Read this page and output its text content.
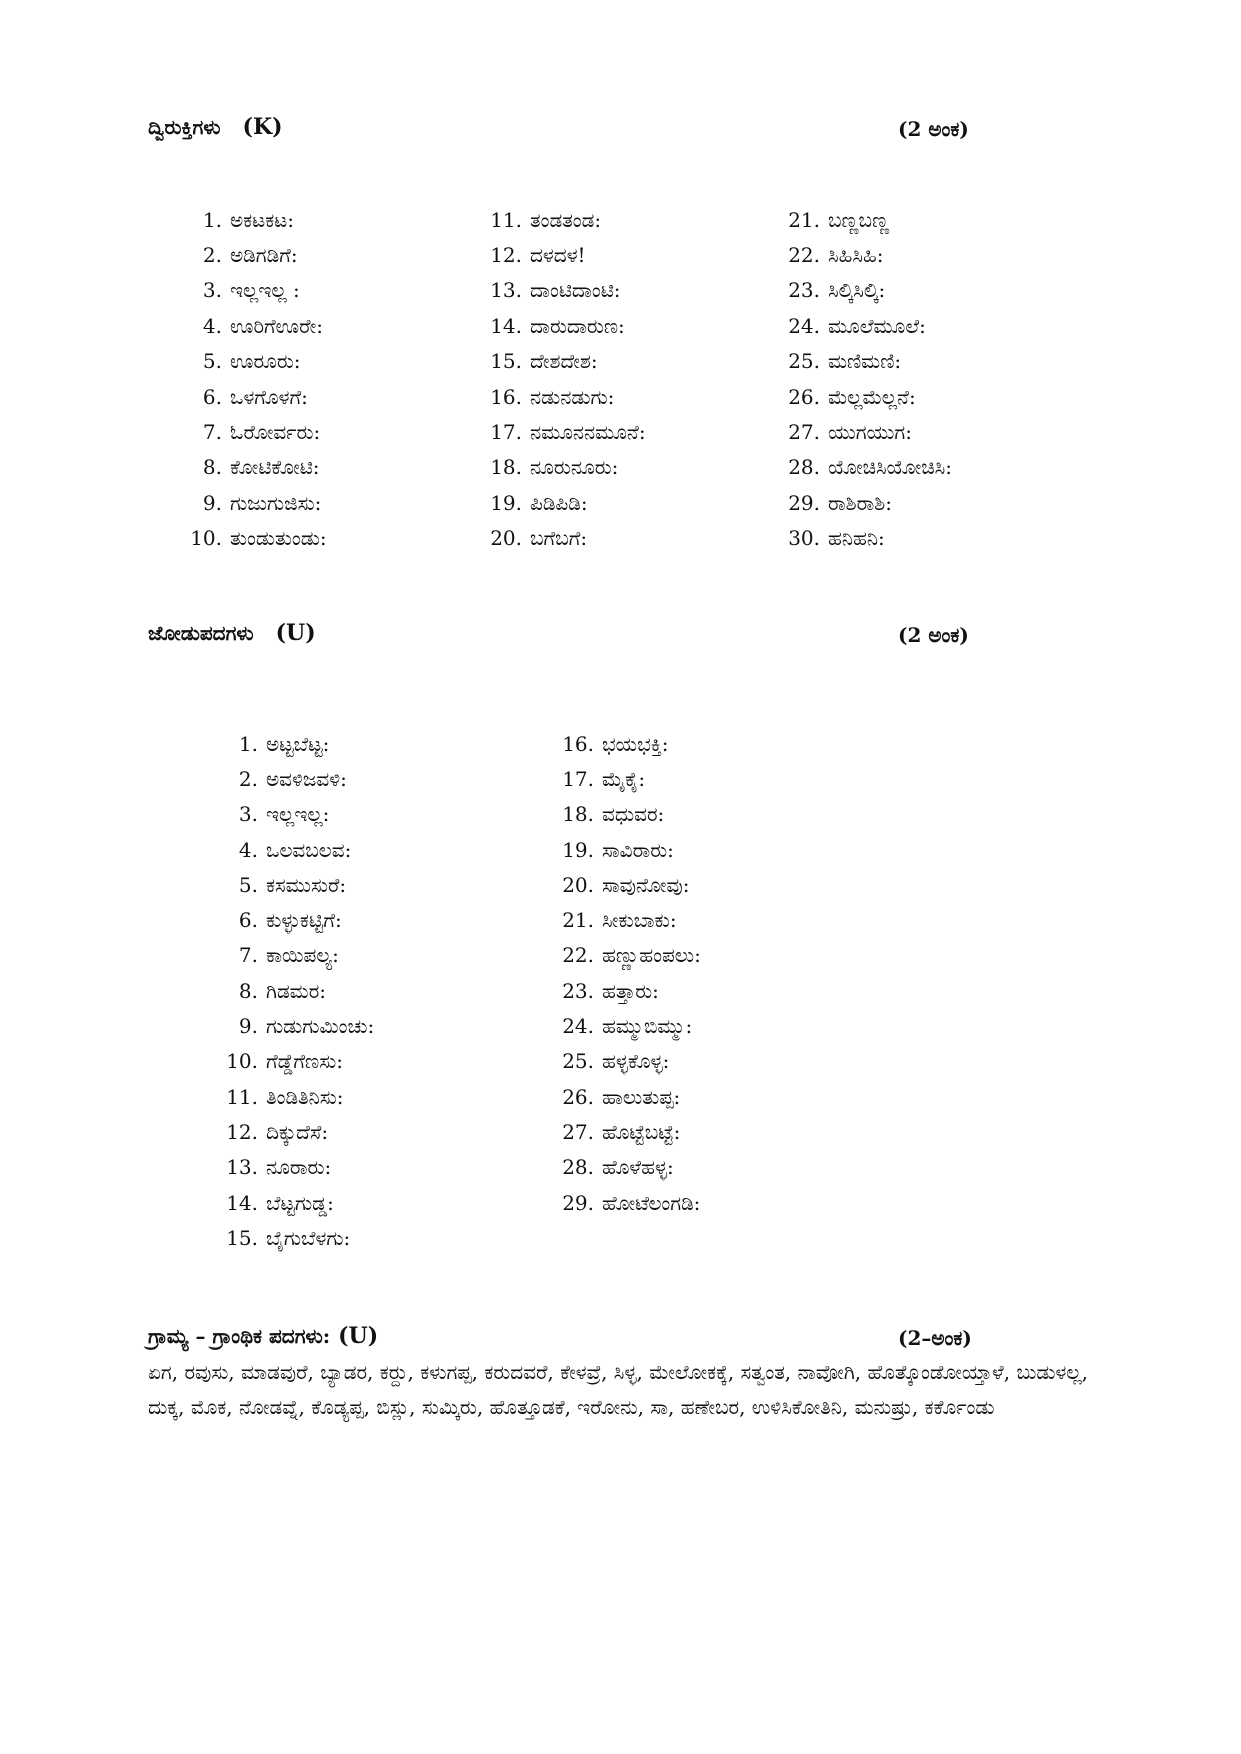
ದ್ವಿರುಕ್ತಿಗಳು (K)	(2 ಅಂಕ)
1. ಅಕಟಕಟ:
2. ಅಡಿಗಡಿಗೆ:
3. ಇಲ್ಲಇಲ್ಲ :
4. ಊರಿಗೆಊರೇ:
5. ಊರೂರು:
6. ಒಳಗೊಳಗೆ:
7. ಓರೋರ್ವರು:
8. ಕೋಟಿಕೋಟಿ:
9. ಗುಜುಗುಜಿಸು:
10. ತುಂಡುತುಂಡು:
11. ತಂಡತಂಡ:
12. ದಳದಳ!
13. ದಾಂಟಿದಾಂಟಿ:
14. ದಾರುದಾರುಣ:
15. ದೇಶದೇಶ:
16. ನಡುನಡುಗು:
17. ನಮೂನನಮೂನೆ:
18. ನೂರುನೂರು:
19. ಪಿಡಿಪಿಡಿ:
20. ಬಗೆಬಗೆ:
21. ಬಣ್ಣಬಣ್ಣ
22. ಸಿಹಿಸಿಹಿ:
23. ಸಿಲ್ಕಿಸಿಲ್ಕಿ:
24. ಮೂಲೆಮೂಲೆ:
25. ಮಣಿಮಣಿ:
26. ಮೆಲ್ಲಮೆಲ್ಲನೆ:
27. ಯುಗಯುಗ:
28. ಯೋಚಿಸಿಯೋಚಿಸಿ:
29. ರಾಶಿರಾಶಿ:
30. ಹನಿಹನಿ:
ಜೋಡುಪದಗಳು (U)	(2 ಅಂಕ)
1. ಅಟ್ಟಬೆಟ್ಟ:
2. ಅವಳಿಜವಳಿ:
3. ಇಲ್ಲಇಲ್ಲ:
4. ಒಲವಬಲವ:
5. ಕಸಮುಸುರೆ:
6. ಕುಳ್ಳುಕಟ್ಟಿಗೆ:
7. ಕಾಯಿಪಲ್ಯ:
8. ಗಿಡಮರ:
9. ಗುಡುಗುಮಿಂಚು:
10. ಗೆಡ್ಡೆಗೆಣಸು:
11. ತಿಂಡಿತಿನಿಸು:
12. ದಿಕ್ಕುದೆಸೆ:
13. ನೂರಾರು:
14. ಬೆಟ್ಟಗುಡ್ಡ:
15. ಬೈಗುಬೆಳಗು:
16. ಭಯಭಕ್ತಿ:
17. ಮೈಕೈ:
18. ವಧುವರ:
19. ಸಾವಿರಾರು:
20. ಸಾವುನೋವು:
21. ಸೀಕುಬಾಕು:
22. ಹಣ್ಣುಹಂಪಲು:
23. ಹತ್ತಾರು:
24. ಹಮ್ಮುಬಿಮ್ಮು:
25. ಹಳ್ಳಕೊಳ್ಳ:
26. ಹಾಲುತುಪ್ಪ:
27. ಹೊಟ್ಟೆಬಟ್ಟೆ:
28. ಹೊಳೆಹಳ್ಳ:
29. ಹೋಟೆಲಂಗಡಿ:
ಗ್ರಾಮ್ಯ – ಗ್ರಾಂಥಿಕ ಪದಗಳು: (U)	(2–ಅಂಕ)
ಏಗ, ರವುಸು, ಮಾಡವುರೆ, ಬ್ಯಾಡರ, ಕರ್‍ದು, ಕಳುಗಪ್ಪ, ಕರುದವರೆ, ಕೇಳವ್ರೆ, ಸಿಳ್ಳ, ಮೇಲೋಕಕ್ಕೆ, ಸತ್ವಂತ, ನಾವೋಗಿ, ಹೊತ್ಕೊಂಡೋಯ್ತಾಳೆ, ಬುಡುಳಲ್ಲ, ದುಕ್ಕ, ಮೊಕ, ನೋಡವ್ನೆ, ಕೊಡ್ಯಪ್ಪ, ಬಿಸ್ಲು, ಸುಮ್ಕಿರು, ಹೊತ್ತೂಡಕೆ, ಇರೋನು, ಸಾ, ಹಣೇಬರ, ಉಳಿಸಿಕೋತಿನಿ, ಮನುಷ್ರು, ಕರ್ಕೊಂಡು
